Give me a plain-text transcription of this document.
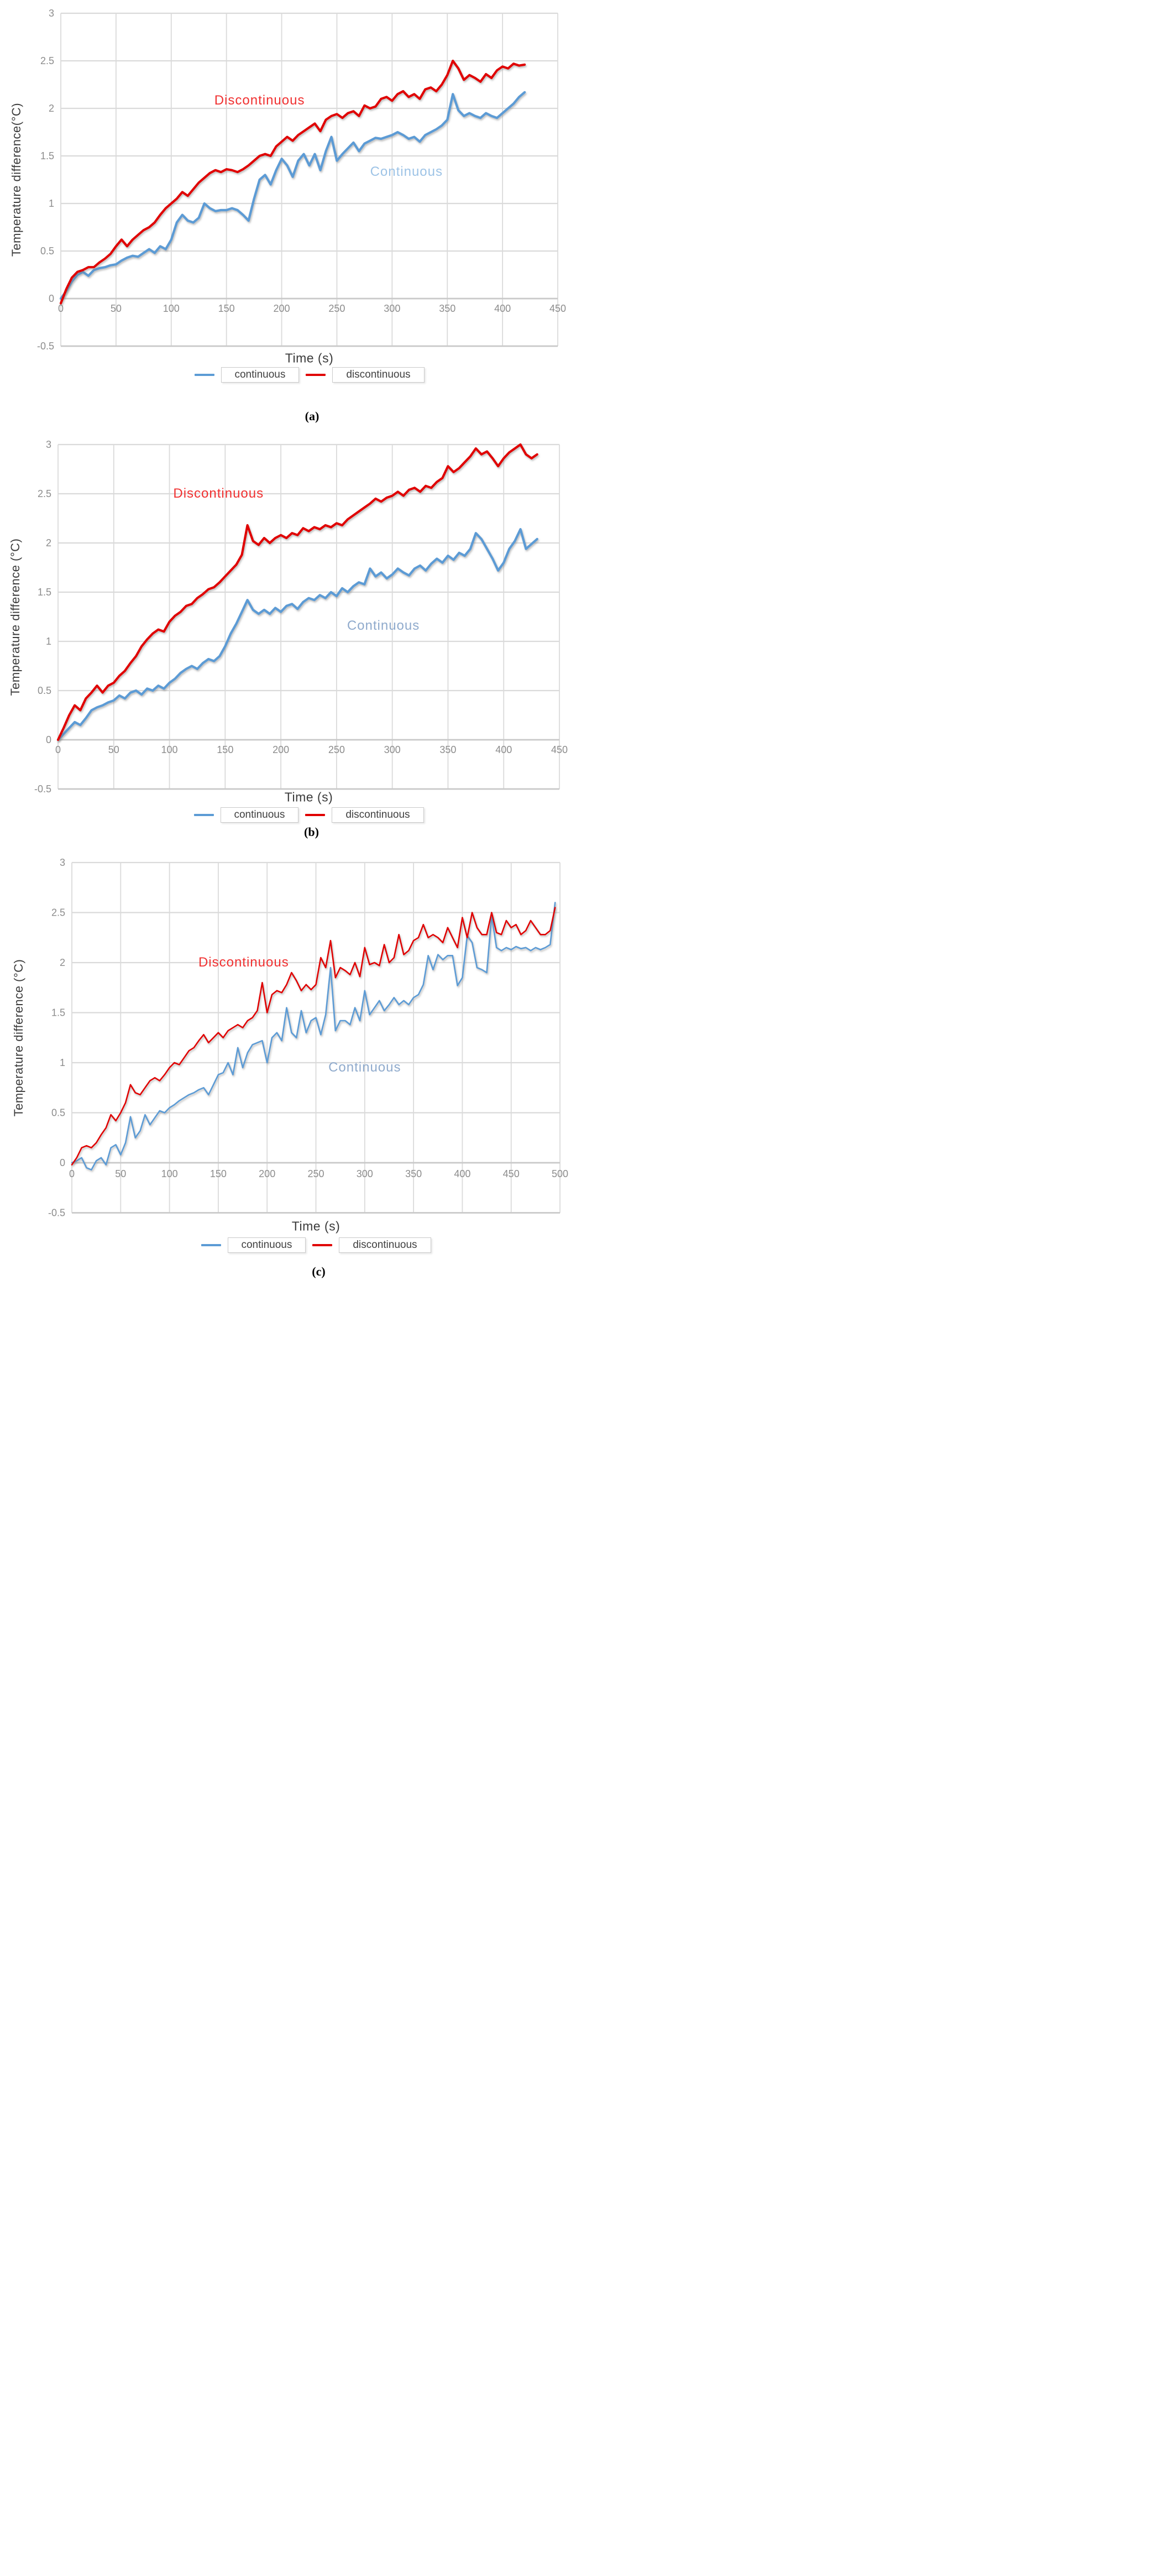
0	50	100	150	200	250	300	350	400	450
3
2.5
2
1.5
1
0.5
0
-0.5
0	50	100	150	200	250	300	350	400	450
3
2.5
2
1.5
1
0.5
0
-0.5
0	50	100	150	200	250	300	350	400	450	500
3
2.5
2
1.5
1
0.5
0
-0.5
Temperature difference(°C)
Discontinuous
Continuous
Time (s)
continuous	discontinuous
(a)
Temperature difference (°C)
Discontinuous
Continuous
Time (s)
continuous	discontinuous
(b)
Temperature difference (°C)	Discontinuous
Continuous
Time (s)
continuous	discontinuous
(c)
